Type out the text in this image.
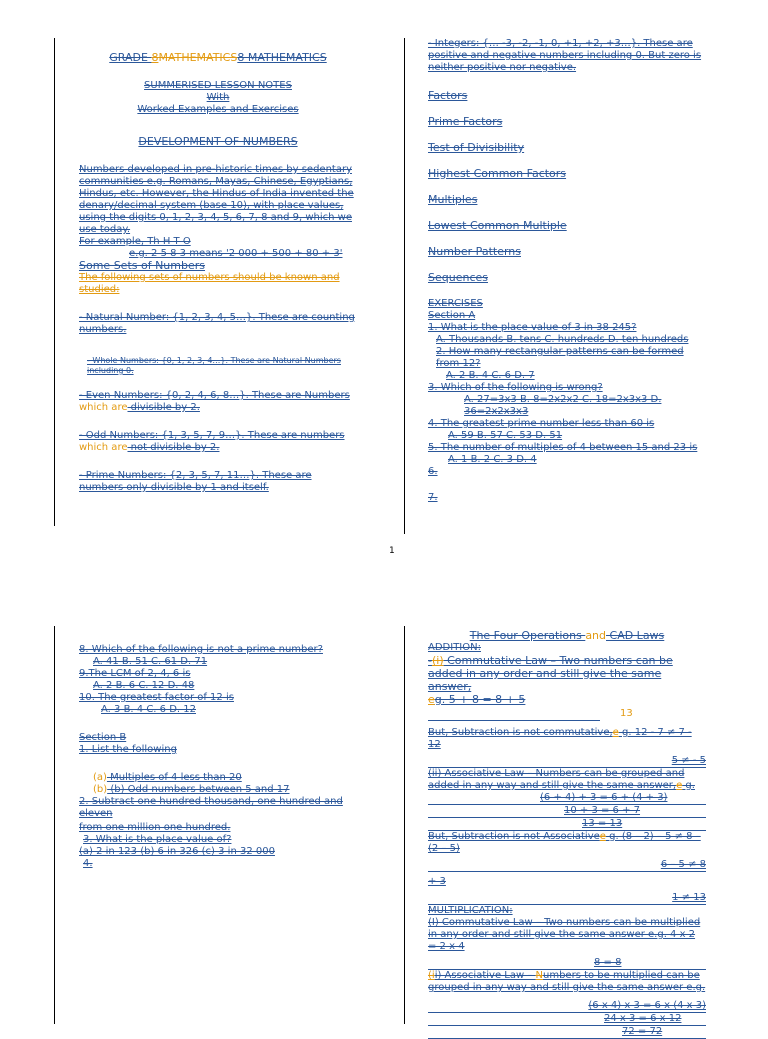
GRADE 8MATHEMATICS8 MATHEMATICS

SUMMERISED LESSON NOTES

With

Worked Examples and Exercises

DEVELOPMENT OF NUMBERS

Numbers developed in pre-historic times by sedentary communities e.g. Romans, Mayas, Chinese, Egyptians, Hindus, etc. However, the Hindus of India invented the denary/decimal system (base 10), with place values, using the digits 0, 1, 2, 3, 4, 5, 6, 7, 8 and 9, which we use today.

For example, Th H T O

e.g. 2 5 8 3 means '2 000 + 500 + 80 + 3'

Some Sets of Numbers

The following sets of numbers should be known and studied:

- Natural Number: {1, 2, 3, 4, 5…}. These are counting numbers.

- Whole Numbers: {0, 1, 2, 3, 4…}. These are Natural Numbers including 0.

- Even Numbers: {0, 2, 4, 6, 8…}. These are Numbers which are divisible by 2.

- Odd Numbers: {1, 3, 5, 7, 9…}. These are numbers which are not divisible by 2.

- Prime Numbers: {2, 3, 5, 7, 11…}. These are numbers only divisible by 1 and itself.

- Integers: {… -3, -2, -1, 0, +1, +2, +3…}. These are positive and negative numbers including 0. But zero is neither positive nor negative.

Factors

Prime Factors

Test of Divisibility

Highest Common Factors

Multiples

Lowest Common Multiple

Number Patterns

Sequences

EXERCISES

Section A

1. What is the place value of 3 in 38 245?

A. Thousands B. tens C. hundreds D. ten hundreds

2. How many rectangular patterns can be formed from 12?

A. 2 B. 4 C. 6 D. 7

3. Which of the following is wrong?

A. 27=3x3 B. 8=2x2x2 C. 18=2x3x3 D. 36=2x2x3x3

4. The greatest prime number less than 60 is

A. 59 B. 57 C. 53 D. 51

5. The number of multiples of 4 between 15 and 23 is

A. 1 B. 2 C. 3 D. 4

6.

7.

1

8. Which of the following is not a prime number?

A. 41 B. 51 C. 61 D. 71

9.The LCM of 2, 4, 6 is

A. 2 B. 6 C. 12 D. 48

10. The greatest factor of 12 is

A. 3 B. 4 C. 6 D. 12

Section B

1. List the following

(a) Multiples of 4 less than 20

(b) (b) Odd numbers between 5 and 17

2. Subtract one hundred thousand, one hundred and eleven

from one million one hundred.

3. What is the place value of?

(a) 2 in 123 (b) 6 in 326 (c) 3 in 32 000

4.

The Four Operations and CAD Laws

ADDITION:

-(i) Commutative Law – Two numbers can be added in any order and still give the same answer,

eg. 5 + 8 = 8 + 5

13

But, Subtraction is not commutative,e g. 12 - 7 ≠ 7 - 12

5 ≠ - 5

(ii) Associative Law – Numbers can be grouped and added in any way and still give the same answer,e g.

(6 + 4) + 3 = 6 + (4 + 3)

10 + 3 = 6 + 7

13 = 13

But, Subtraction is not Associativee g. (8 – 2) – 5 ≠ 8 – (2 – 5)

6 – 5 ≠ 8

+ 3

1 ≠ 13

MULTIPLICATION:

(I) Commutative Law – Two numbers can be multiplied in any order and still give the same answer e.g. 4 x 2 = 2 x 4

8 = 8

(ii) Associative Law – Numbers to be multiplied can be grouped in any way and still give the same answer e.g.

(6 x 4) x 3 = 6 x (4 x 3)

24 x 3 = 6 x 12

72 = 72
